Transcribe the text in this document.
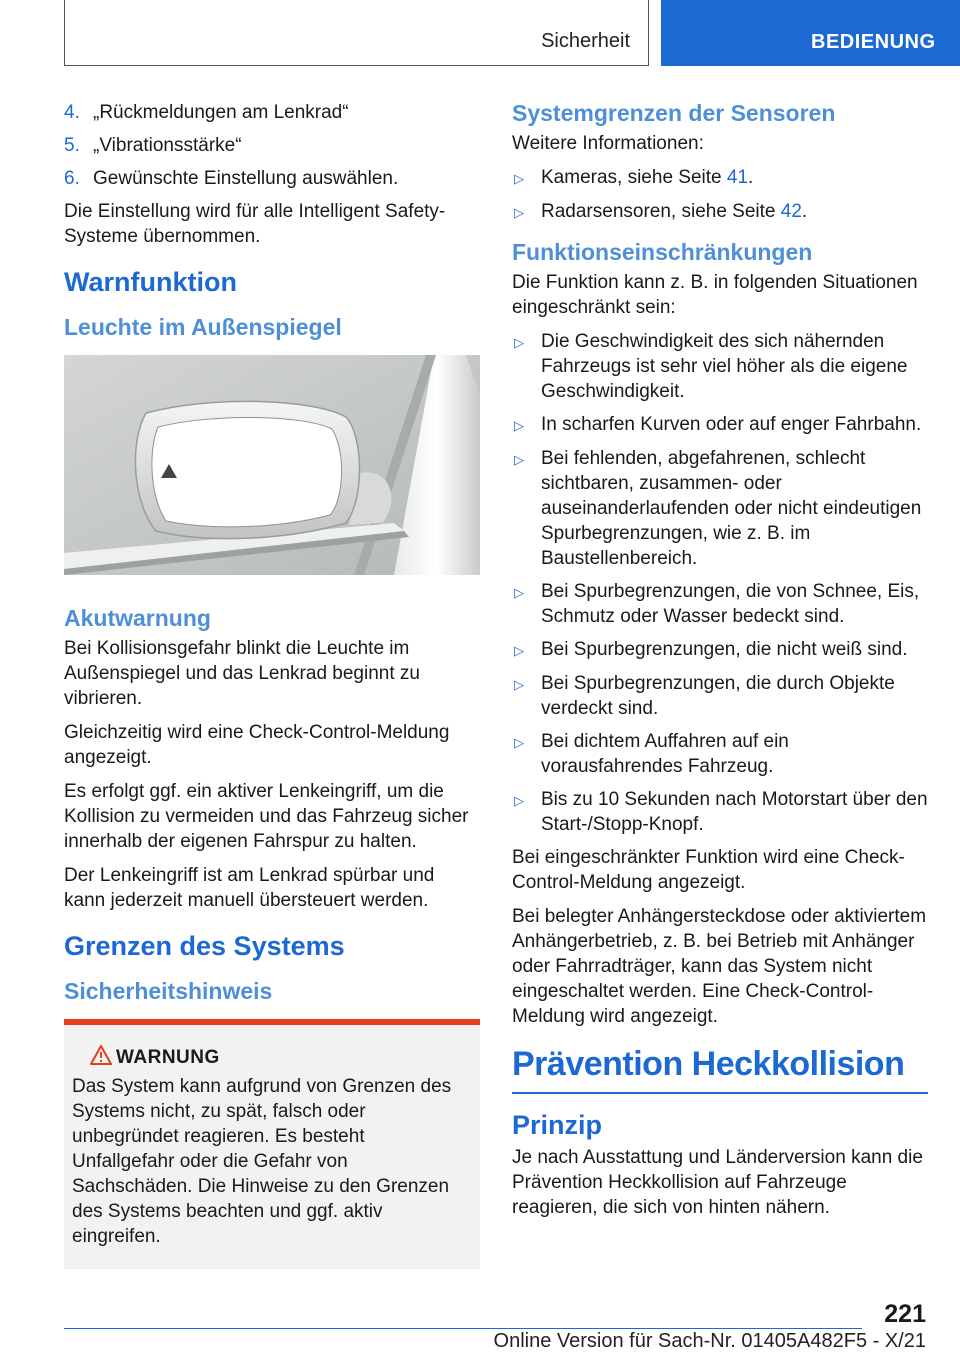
Sicherheit	BEDIENUNG
4. „Rückmeldungen am Lenkrad“
5. „Vibrationsstärke“
6. Gewünschte Einstellung auswählen.

Die Einstellung wird für alle Intelligent Safety-Systeme übernommen.

Warnfunktion
Leuchte im Außenspiegel
Akutwarnung

Bei Kollisionsgefahr blinkt die Leuchte im Außenspiegel und das Lenkrad beginnt zu vibrieren.

Gleichzeitig wird eine Check-Control-Meldung angezeigt.

Es erfolgt ggf. ein aktiver Lenkeingriff, um die Kollision zu vermeiden und das Fahrzeug sicher innerhalb der eigenen Fahrspur zu halten.

Der Lenkeingriff ist am Lenkrad spürbar und kann jederzeit manuell übersteuert werden.

Grenzen des Systems
Sicherheitshinweis
WARNUNG

Das System kann aufgrund von Grenzen des Systems nicht, zu spät, falsch oder unbegründet reagieren. Es besteht Unfallgefahr oder die Gefahr von Sachschäden. Die Hinweise zu den Grenzen des Systems beachten und ggf. aktiv eingreifen.

Systemgrenzen der Sensoren

Weitere Informationen:

▷ Kameras, siehe Seite 41.
▷ Radarsensoren, siehe Seite 42.
Funktionseinschränkungen

Die Funktion kann z. B. in folgenden Situationen eingeschränkt sein:

▷ Die Geschwindigkeit des sich nähernden Fahrzeugs ist sehr viel höher als die eigene Geschwindigkeit.
▷ In scharfen Kurven oder auf enger Fahrbahn.
▷ Bei fehlenden, abgefahrenen, schlecht sichtbaren, zusammen- oder auseinanderlaufenden oder nicht eindeutigen Spurbegrenzungen, wie z. B. im Baustellenbereich.
▷ Bei Spurbegrenzungen, die von Schnee, Eis, Schmutz oder Wasser bedeckt sind.
▷ Bei Spurbegrenzungen, die nicht weiß sind.
▷ Bei Spurbegrenzungen, die durch Objekte verdeckt sind.
▷ Bei dichtem Auffahren auf ein vorausfahrendes Fahrzeug.
▷ Bis zu 10 Sekunden nach Motorstart über den Start-/Stopp-Knopf.

Bei eingeschränkter Funktion wird eine Check-Control-Meldung angezeigt.

Bei belegter Anhängersteckdose oder aktiviertem Anhängerbetrieb, z. B. bei Betrieb mit Anhänger oder Fahrradträger, kann das System nicht eingeschaltet werden. Eine Check-Control-Meldung wird angezeigt.

Prävention Heckkollision
Prinzip

Je nach Ausstattung und Länderversion kann die Prävention Heckkollision auf Fahrzeuge reagieren, die sich von hinten nähern.

221
Online Version für Sach-Nr. 01405A482F5 - X/21
